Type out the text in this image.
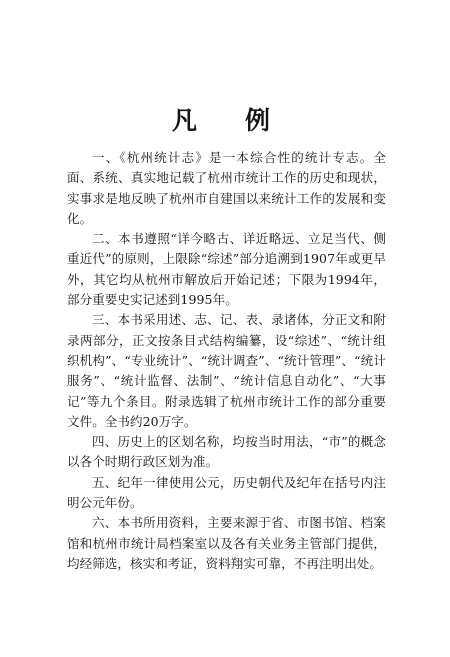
凡例

一、《杭州统计志》是一本综合性的统计专志。全面、系统、真实地记载了杭州市统计工作的历史和现状，实事求是地反映了杭州市自建国以来统计工作的发展和变化。

二、本书遵照“详今略古、详近略远、立足当代、侧重近代”的原则，上限除“综述”部分追溯到1907年或更早外，其它均从杭州市解放后开始记述；下限为1994年，部分重要史实记述到1995年。

三、本书采用述、志、记、表、录诸体，分正文和附录两部分，正文按条目式结构编纂，设“综述”、“统计组织机构”、“专业统计”、“统计调查”、“统计管理”、“统计服务”、“统计监督、法制”、“统计信息自动化”、“大事记”等九个条目。附录选辑了杭州市统计工作的部分重要文件。全书约20万字。

四、历史上的区划名称，均按当时用法，“市”的概念以各个时期行政区划为准。

五、纪年一律使用公元，历史朝代及纪年在括号内注明公元年份。

六、本书所用资料，主要来源于省、市图书馆、档案馆和杭州市统计局档案室以及各有关业务主管部门提供，均经筛选，核实和考证，资料翔实可靠，不再注明出处。
